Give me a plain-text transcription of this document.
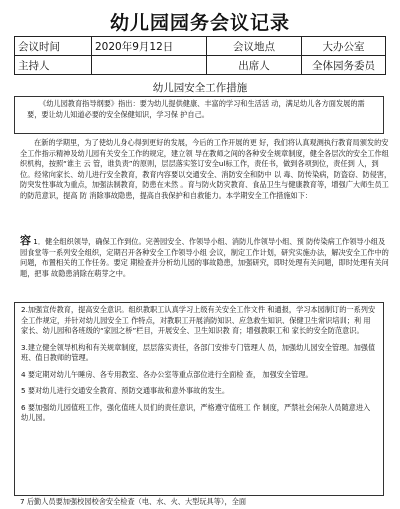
幼儿园园务会议记录
会议时间	2020年9月12日	会议地点	大办公室
主持人		出席人	全体园务委员
幼儿园安全工作措施
《幼儿园教育指导纲要》指出：要为幼儿提供健康、丰富的学习和生活活 动，满足幼儿各方面发展的需要，要让幼儿知道必要的安全保健知识，学习保 护自己。
在新的学期里，为了使幼儿身心得到更好的发展，今后的工作开展的更 好，我们将认真观测执行教育局颁发的安全工作指示精神及幼儿园有关安全工作的规定，建立领 导在教师之间的各种安全规章制度，健全各层次的安全工作组织机构，按照“谁主 云 管，谁负责”的原则，层层落实签订安全ul标工作，责任书，做到各项到位，责任到 人，到位。经常向家长、幼儿进行安全教育，教育内容要以交通安全、消防安全和防中 以 毒、防传染病，防盗窃、防侵害，防突发性事故为重点，加强法制教育，防患在未然 。育与防火防灾教育、食品卫生与健康教育等，增强广大师生员工的防范意识，提高 防 消除事故隐患，提高自我保护和自救能力。本学期安全工作措施如下：
容 1．健全组织领导，确保工作到位。完善园安全、作领导小组、消防儿作领导小组、预 防传染病工作领导小组及园食堂等一系列安全组织，定期召开各种安全工作领导小组 会议，制定工作计划，研究实施办法，解决安全工作中的问题，布置相关的工作任务。要定 期检查并分析幼儿园的事故隐患，加强研究，即时处理有关问题，即时处理有关问题，把事 故隐患消除在萌芽之中。

2.加强宣传教育，提高安全意识。组织教职工认真学习上级有关安全工作文件 和通报，学习本园制订的一系列安全工作规定，并针对幼儿园安全工 作特点，对教职工开展消防知识、应急救生知识、保健卫生常识培训；利 用家长、幼儿园和各班级的“家园之桥”栏目，开展安全、卫生知识教 育；增强教职工和 家长的安全防范意识。

3.建立健全领导机构和有关规章制度，层层落实责任，各部门安排专门管理人 员，加强幼儿园安全管理。加强值班、值日教师的管理。

4 要定期对幼儿午睡房、各专用教室、各办公室等重点部位进行全面检 查， 加强安全管理。

5 要对幼儿进行交通安全教育、预防交通事故和意外事故的发生。

6 要加强幼儿园值班工作，强化值班人员们的责任意识，严格遵守值班工 作 制度，严禁社会闲杂人员随意进入幼儿园。

7 后勤人员要加强校园校舍安全检查（电、水、火、大型玩具等），全面
